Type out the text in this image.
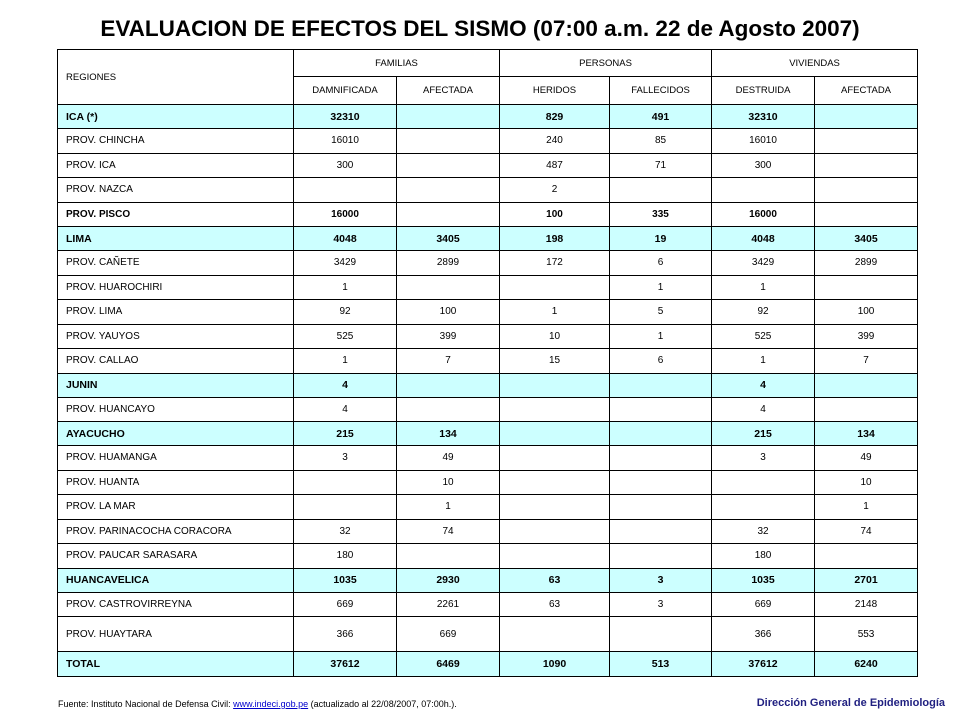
EVALUACION DE EFECTOS DEL SISMO (07:00 a.m. 22 de Agosto 2007)
REGIONES	FAMILIAS		PERSONAS		VIVIENDAS	
	DAMNIFICADA	AFECTADA	HERIDOS	FALLECIDOS	DESTRUIDA	AFECTADA
ICA (*)	32310		829	491	32310	
PROV. CHINCHA	16010		240	85	16010	
PROV. ICA	300		487	71	300	
PROV. NAZCA			2			
PROV. PISCO	16000		100	335	16000	
LIMA	4048	3405	198	19	4048	3405
PROV. CAÑETE	3429	2899	172	6	3429	2899
PROV. HUAROCHIRI	1			1	1	
PROV. LIMA	92	100	1	5	92	100
PROV. YAUYOS	525	399	10	1	525	399
PROV. CALLAO	1	7	15	6	1	7
JUNIN	4				4	
PROV. HUANCAYO	4				4	
AYACUCHO	215	134			215	134
PROV. HUAMANGA	3	49			3	49
PROV. HUANTA		10				10
PROV. LA MAR		1				1
PROV. PARINACOCHA CORACORA	32	74			32	74
PROV. PAUCAR SARASARA	180				180	
HUANCAVELICA	1035	2930	63	3	1035	2701
PROV. CASTROVIRREYNA	669	2261	63	3	669	2148
PROV. HUAYTARA	366	669			366	553
TOTAL	37612	6469	1090	513	37612	6240
Fuente: Instituto Nacional de Defensa Civil: www.indeci.gob.pe (actualizado al 22/08/2007, 07:00h.).	Dirección General de Epidemiología
